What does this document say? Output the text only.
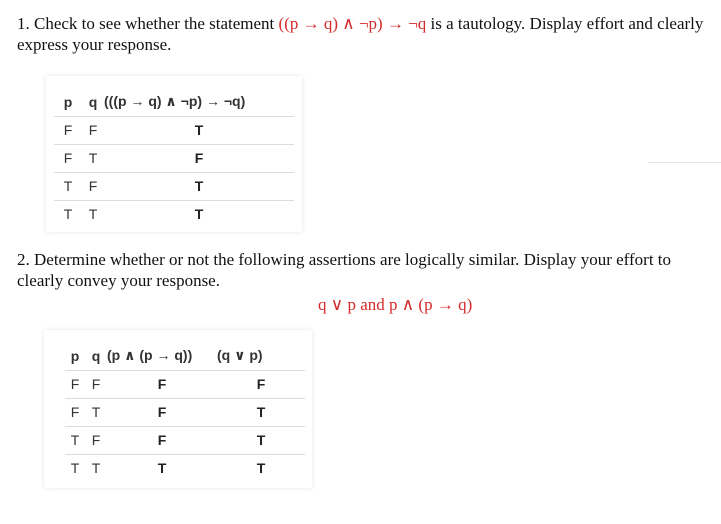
1. Check to see whether the statement ((p → q) ∧ ¬p) → ¬q is a tautology. Display effort and clearly express your response.

p	q	(((p → q) ∧ ¬p) → ¬q)
F	F	T
F	T	F
T	F	T
T	T	T

2. Determine whether or not the following assertions are logically similar. Display your effort to clearly convey your response.

q ∨ p and p ∧ (p → q)
p	q	(p ∧ (p → q))	(q ∨ p)
F	F	F	F
F	T	F	T
T	F	F	T
T	T	T	T
